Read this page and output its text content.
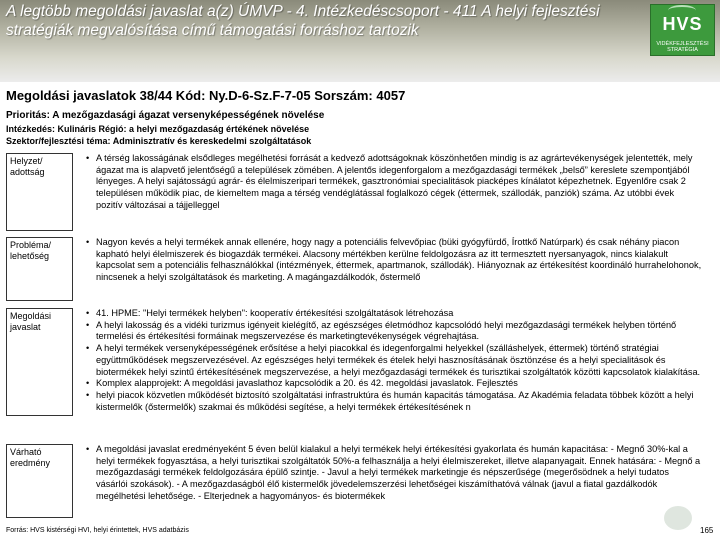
A legtöbb megoldási javaslat a(z) ÚMVP - 4. Intézkedéscsoport - 411 A helyi fejlesztési stratégiák megvalósítása című támogatási forráshoz tartozik	HVS
VIDÉKFEJLESZTÉSI STRATÉGIA
Megoldási javaslatok 38/44 Kód: Ny.D-6-Sz.F-7-05 Sorszám: 4057
Prioritás: A mezőgazdasági ágazat versenyképességének növelése
Intézkedés: Kulináris Régió: a helyi mezőgazdaság értékének növelése
Szektor/fejlesztési téma: Adminisztratív és kereskedelmi szolgáltatások
Helyzet/ adottság
• A térség lakosságának elsődleges megélhetési forrását a kedvező adottságoknak köszönhetően mindig is az agrártevékenységek jelentették, mely ágazat ma is alapvető jelentőségű a települések zömében. A jelentős idegenforgalom a mezőgazdasági termékek „belső” kereslete szempontjából lényeges. A helyi sajátosságú agrár- és élelmiszeripari termékek, gasztronómiai specialitások piacképes kínálatot képezhetnek. Egyenlőre csak 2 településen működik piac, de kiemeltem maga a térség vendéglátással foglalkozó cégek (éttermek, szállodák, panziók) száma. Az utóbbi évek pozitív változásai a tájjelleggel
Probléma/ lehetőség
• Nagyon kevés a helyi termékek annak ellenére, hogy nagy a potenciális felvevőpiac (büki gyógyfürdő, Írottkő Natúrpark) és csak néhány piacon kapható helyi élelmiszerek és biogazdák termékei. Alacsony mértékben kerülne feldolgozásra az itt termesztett nyersanyagok, nincs kialakult kapcsolat sem a potenciális felhasználókkal (intézmények, éttermek, apartmanok, szállodák). Hiányoznak az értékesítést koordináló hurrahelohonok, nincsenek a helyi szolgáltatások és marketing. A magángazdálkodók, őstermelő
Megoldási javaslat
• 41. HPME: "Helyi termékek helyben": kooperatív értékesítési szolgáltatások létrehozása
• A helyi lakosság és a vidéki turizmus igényeit kielégítő, az egészséges életmódhoz kapcsolódó helyi mezőgazdasági termékek helyben történő termelési és értékesítési formáinak megszervezése és marketingtevékenységek végrehajtása.
• A helyi termékek versenyképességének erősítése a helyi piacokkal és idegenforgalmi helyekkel (szálláshelyek, éttermek) történő stratégiai együttműködések megszervezésével. Az egészséges helyi termékek és ételek helyi hasznosításának ösztönzése és a helyi specialitások és biotermékek helyi szintű értékesítésének megszervezése, a helyi mezőgazdasági termékek és turisztikai szolgáltatók közötti kapcsolatok kialakítása.
• Komplex alapprojekt: A megoldási javaslathoz kapcsolódik a 20. és 42. megoldási javaslatok. Fejlesztés
• helyi piacok közvetlen működését biztosító szolgáltatási infrastruktúra és humán kapacitás támogatása. Az Akadémia feladata többek között a helyi kistermelők (őstermelők) szakmai és működési segítése, a helyi termékek értékesítésének n
Várható eredmény
• A megoldási javaslat eredményeként 5 éven belül kialakul a helyi termékek helyi értékesítési gyakorlata és humán kapacitása: - Megnő 30%-kal a helyi termékek fogyasztása, a helyi turisztikai szolgáltatók 50%-a felhasználja a helyi élelmiszereket, illetve alapanyagait. Ennek hatására: - Megnő a mezőgazdasági termékek feldolgozására épülő szintje. - Javul a helyi termékek marketingje és népszerűsége (megerősödnek a helyi tudatos vásárlói szokások). - A mezőgazdaságból élő kistermelők jövedelemszerzési lehetőségei kiszámíthatóvá válnak (javul a fiatal gazdálkodók megélhetési lehetősége. - Elterjednek a hagyományos- és biotermékek
Forrás: HVS kistérségi HVI, helyi érintettek, HVS adatbázis	165
